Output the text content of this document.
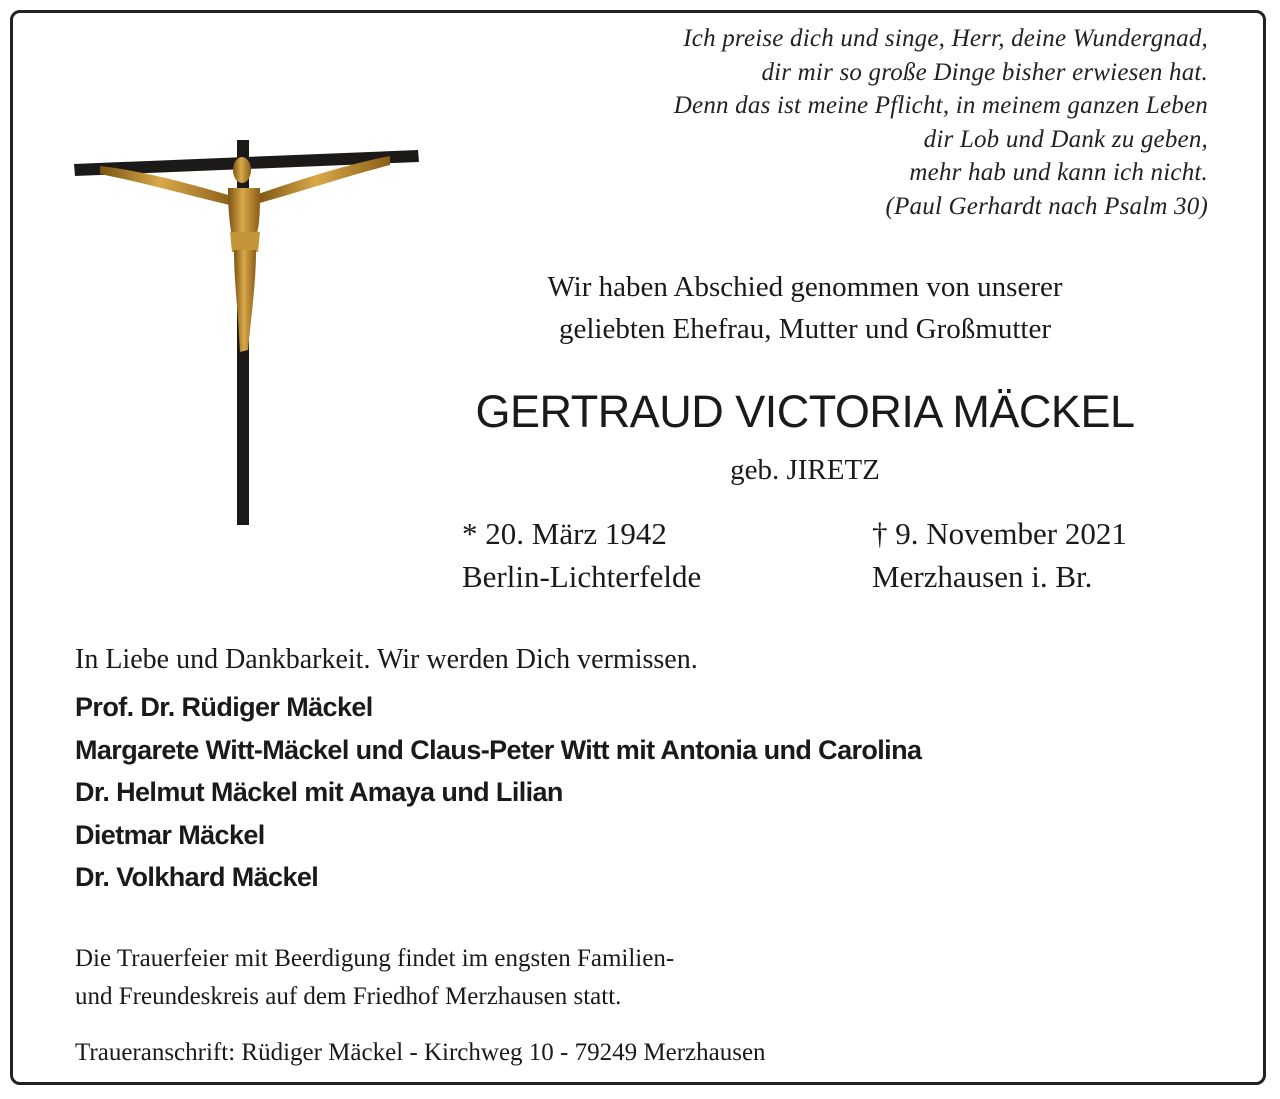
Ich preise dich und singe, Herr, deine Wundergnad,
dir mir so große Dinge bisher erwiesen hat.
Denn das ist meine Pflicht, in meinem ganzen Leben
dir Lob und Dank zu geben,
mehr hab und kann ich nicht.
(Paul Gerhardt nach Psalm 30)
Wir haben Abschied genommen von unserer
geliebten Ehefrau, Mutter und Großmutter
GERTRAUD VICTORIA MÄCKEL
geb. JIRETZ
* 20. März 1942
Berlin-Lichterfelde
† 9. November 2021
Merzhausen i. Br.
In Liebe und Dankbarkeit. Wir werden Dich vermissen.
Prof. Dr. Rüdiger Mäckel
Margarete Witt-Mäckel und Claus-Peter Witt mit Antonia und Carolina
Dr. Helmut Mäckel mit Amaya und Lilian
Dietmar Mäckel
Dr. Volkhard Mäckel
Die Trauerfeier mit Beerdigung findet im engsten Familien-
und Freundeskreis auf dem Friedhof Merzhausen statt.
Traueranschrift: Rüdiger Mäckel - Kirchweg 10 - 79249 Merzhausen
